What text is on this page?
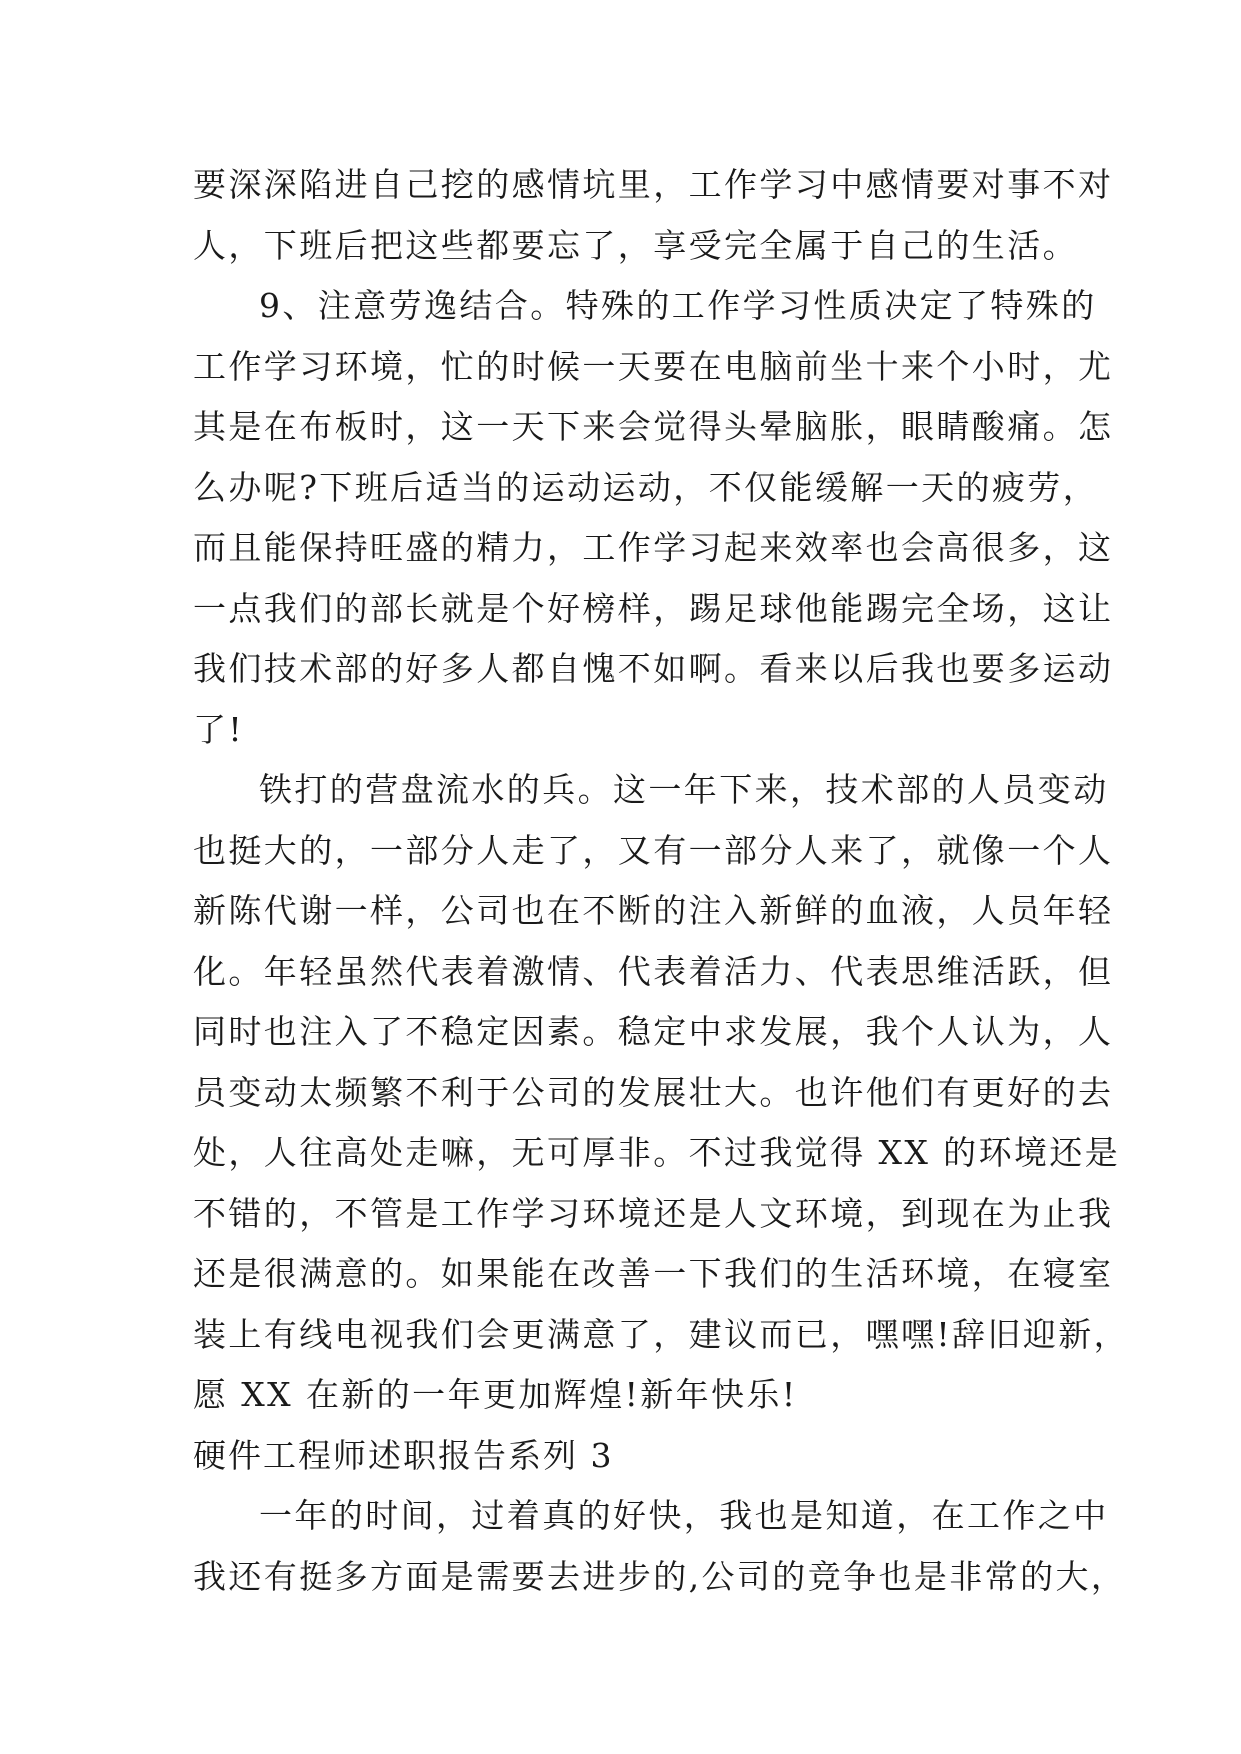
要深深陷进自己挖的感情坑里，工作学习中感情要对事不对
人，下班后把这些都要忘了，享受完全属于自己的生活。
9、注意劳逸结合。特殊的工作学习性质决定了特殊的
工作学习环境，忙的时候一天要在电脑前坐十来个小时，尤
其是在布板时，这一天下来会觉得头晕脑胀，眼睛酸痛。怎
么办呢?下班后适当的运动运动，不仅能缓解一天的疲劳，
而且能保持旺盛的精力，工作学习起来效率也会高很多，这
一点我们的部长就是个好榜样，踢足球他能踢完全场，这让
我们技术部的好多人都自愧不如啊。看来以后我也要多运动
了!
铁打的营盘流水的兵。这一年下来，技术部的人员变动
也挺大的，一部分人走了，又有一部分人来了，就像一个人
新陈代谢一样，公司也在不断的注入新鲜的血液，人员年轻
化。年轻虽然代表着激情、代表着活力、代表思维活跃，但
同时也注入了不稳定因素。稳定中求发展，我个人认为，人
员变动太频繁不利于公司的发展壮大。也许他们有更好的去
处，人往高处走嘛，无可厚非。不过我觉得 XX 的环境还是
不错的，不管是工作学习环境还是人文环境，到现在为止我
还是很满意的。如果能在改善一下我们的生活环境，在寝室
装上有线电视我们会更满意了，建议而已，嘿嘿!辞旧迎新，
愿 XX 在新的一年更加辉煌!新年快乐!
硬件工程师述职报告系列 3
一年的时间，过着真的好快，我也是知道，在工作之中
我还有挺多方面是需要去进步的,公司的竞争也是非常的大，
